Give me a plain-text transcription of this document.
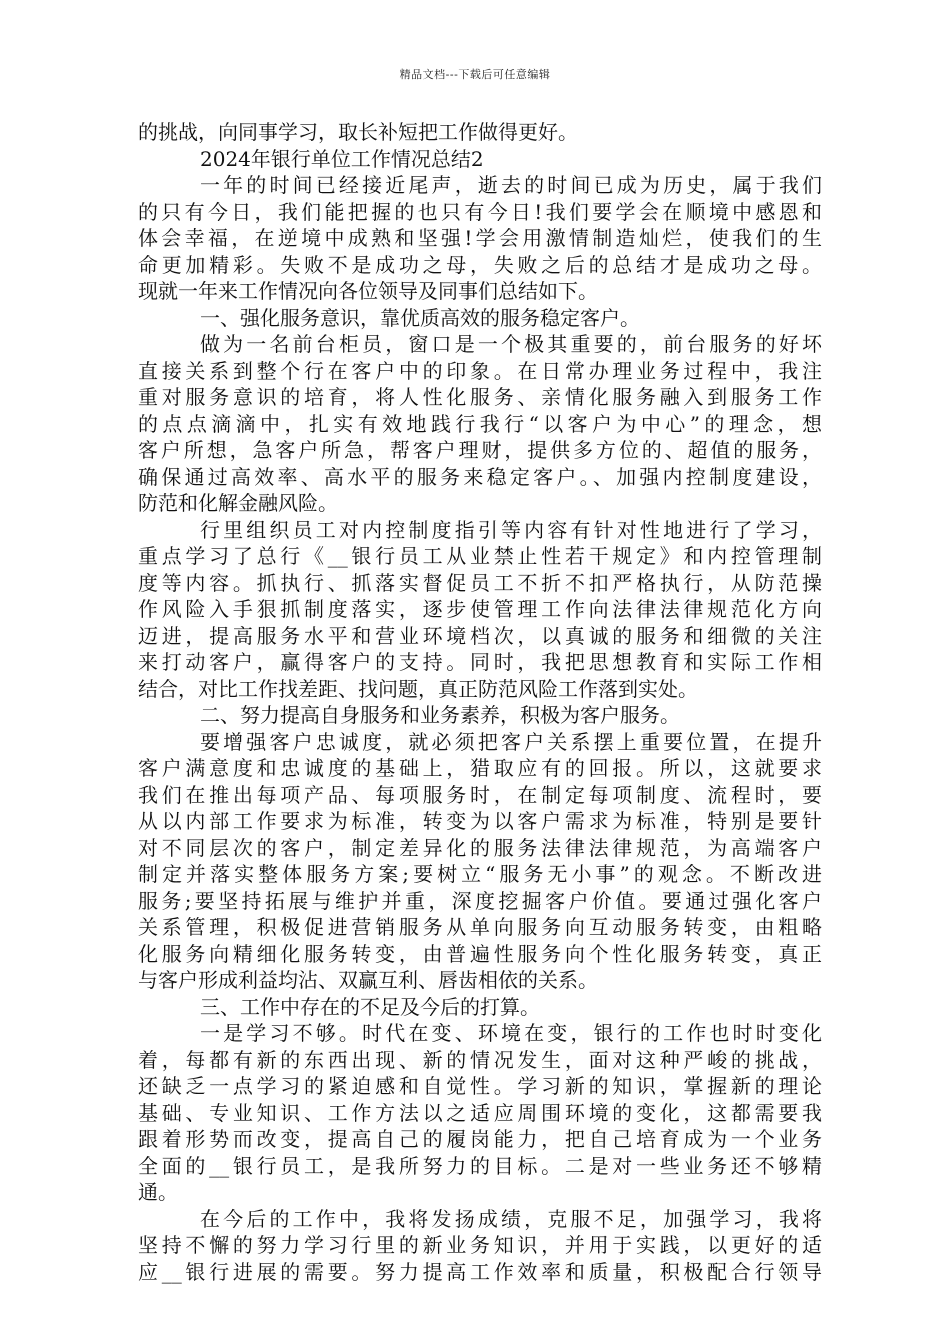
精品文档---下载后可任意编辑
的挑战，向同事学习，取长补短把工作做得更好。
2024年银行单位工作情况总结2
一年的时间已经接近尾声，逝去的时间已成为历史，属于我们
的只有今日，我们能把握的也只有今日!我们要学会在顺境中感恩和
体会幸福，在逆境中成熟和坚强!学会用激情制造灿烂，使我们的生
命更加精彩。失败不是成功之母，失败之后的总结才是成功之母。
现就一年来工作情况向各位领导及同事们总结如下。
一、强化服务意识，靠优质高效的服务稳定客户。
做为一名前台柜员，窗口是一个极其重要的，前台服务的好坏
直接关系到整个行在客户中的印象。在日常办理业务过程中，我注
重对服务意识的培育，将人性化服务、亲情化服务融入到服务工作
的点点滴滴中，扎实有效地践行我行“以客户为中心”的理念，想
客户所想，急客户所急，帮客户理财，提供多方位的、超值的服务，
确保通过高效率、高水平的服务来稳定客户。、加强内控制度建设，
防范和化解金融风险。
行里组织员工对内控制度指引等内容有针对性地进行了学习，
重点学习了总行《__银行员工从业禁止性若干规定》和内控管理制
度等内容。抓执行、抓落实督促员工不折不扣严格执行，从防范操
作风险入手狠抓制度落实，逐步使管理工作向法律法律规范化方向
迈进，提高服务水平和营业环境档次，以真诚的服务和细微的关注
来打动客户，赢得客户的支持。同时，我把思想教育和实际工作相
结合，对比工作找差距、找问题，真正防范风险工作落到实处。
二、努力提高自身服务和业务素养，积极为客户服务。
要增强客户忠诚度，就必须把客户关系摆上重要位置，在提升
客户满意度和忠诚度的基础上，猎取应有的回报。所以，这就要求
我们在推出每项产品、每项服务时，在制定每项制度、流程时，要
从以内部工作要求为标准，转变为以客户需求为标准，特别是要针
对不同层次的客户，制定差异化的服务法律法律规范，为高端客户
制定并落实整体服务方案;要树立“服务无小事”的观念。不断改进
服务;要坚持拓展与维护并重，深度挖掘客户价值。要通过强化客户
关系管理，积极促进营销服务从单向服务向互动服务转变，由粗略
化服务向精细化服务转变，由普遍性服务向个性化服务转变，真正
与客户形成利益均沾、双赢互利、唇齿相依的关系。
三、工作中存在的不足及今后的打算。
一是学习不够。时代在变、环境在变，银行的工作也时时变化
着，每都有新的东西出现、新的情况发生，面对这种严峻的挑战，
还缺乏一点学习的紧迫感和自觉性。学习新的知识，掌握新的理论
基础、专业知识、工作方法以之适应周围环境的变化，这都需要我
跟着形势而改变，提高自己的履岗能力，把自己培育成为一个业务
全面的__银行员工，是我所努力的目标。二是对一些业务还不够精
通。
在今后的工作中，我将发扬成绩，克服不足，加强学习，我将
坚持不懈的努力学习行里的新业务知识，并用于实践，以更好的适
应__银行进展的需要。努力提高工作效率和质量，积极配合行领导
